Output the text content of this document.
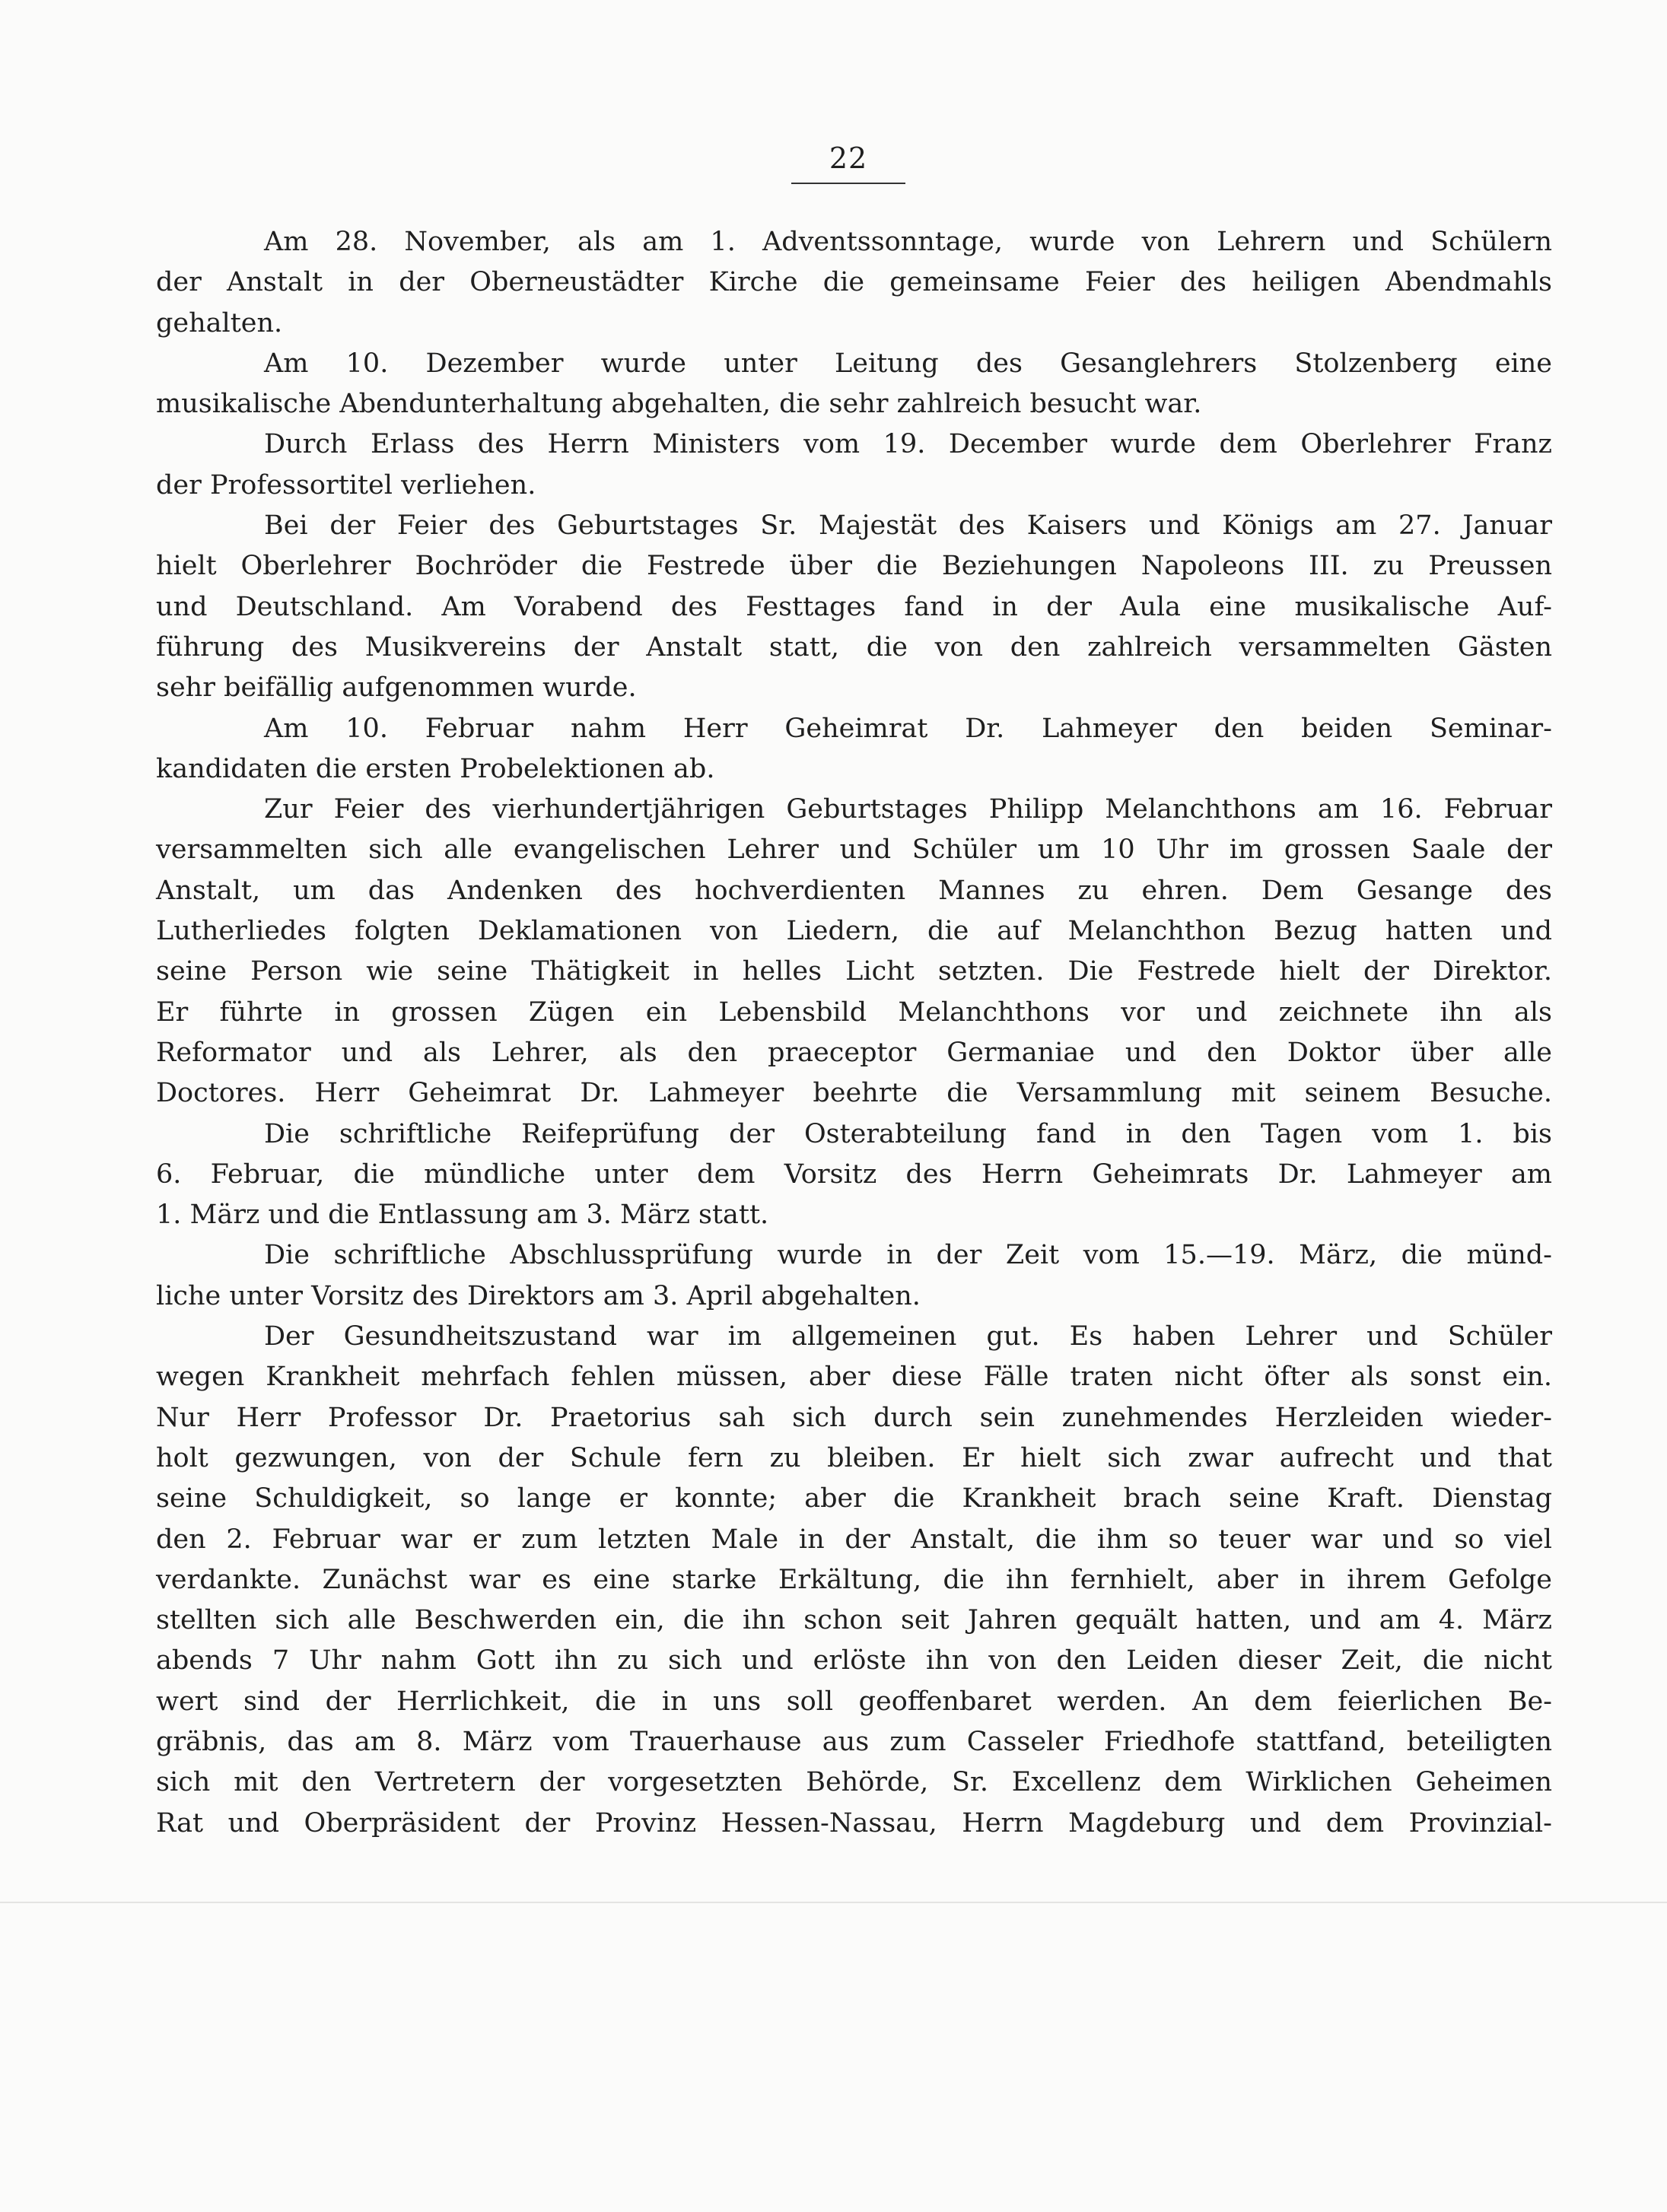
22
Am 28. November, als am 1. Adventssonntage, wurde von Lehrern und Schülern
der Anstalt in der Oberneustädter Kirche die gemeinsame Feier des heiligen Abendmahls
gehalten.
Am 10. Dezember wurde unter Leitung des Gesanglehrers Stolzenberg eine
musikalische Abendunterhaltung abgehalten, die sehr zahlreich besucht war.
Durch Erlass des Herrn Ministers vom 19. December wurde dem Oberlehrer Franz
der Professortitel verliehen.
Bei der Feier des Geburtstages Sr. Majestät des Kaisers und Königs am 27. Januar
hielt Oberlehrer Bochröder die Festrede über die Beziehungen Napoleons III. zu Preussen
und Deutschland. Am Vorabend des Festtages fand in der Aula eine musikalische Auf-
führung des Musikvereins der Anstalt statt, die von den zahlreich versammelten Gästen
sehr beifällig aufgenommen wurde.
Am 10. Februar nahm Herr Geheimrat Dr. Lahmeyer den beiden Seminar-
kandidaten die ersten Probelektionen ab.
Zur Feier des vierhundertjährigen Geburtstages Philipp Melanchthons am 16. Februar
versammelten sich alle evangelischen Lehrer und Schüler um 10 Uhr im grossen Saale der
Anstalt, um das Andenken des hochverdienten Mannes zu ehren. Dem Gesange des
Lutherliedes folgten Deklamationen von Liedern, die auf Melanchthon Bezug hatten und
seine Person wie seine Thätigkeit in helles Licht setzten. Die Festrede hielt der Direktor.
Er führte in grossen Zügen ein Lebensbild Melanchthons vor und zeichnete ihn als
Reformator und als Lehrer, als den praeceptor Germaniae und den Doktor über alle
Doctores. Herr Geheimrat Dr. Lahmeyer beehrte die Versammlung mit seinem Besuche.
Die schriftliche Reifeprüfung der Osterabteilung fand in den Tagen vom 1. bis
6. Februar, die mündliche unter dem Vorsitz des Herrn Geheimrats Dr. Lahmeyer am
1. März und die Entlassung am 3. März statt.
Die schriftliche Abschlussprüfung wurde in der Zeit vom 15.—19. März, die münd-
liche unter Vorsitz des Direktors am 3. April abgehalten.
Der Gesundheitszustand war im allgemeinen gut. Es haben Lehrer und Schüler
wegen Krankheit mehrfach fehlen müssen, aber diese Fälle traten nicht öfter als sonst ein.
Nur Herr Professor Dr. Praetorius sah sich durch sein zunehmendes Herzleiden wieder-
holt gezwungen, von der Schule fern zu bleiben. Er hielt sich zwar aufrecht und that
seine Schuldigkeit, so lange er konnte; aber die Krankheit brach seine Kraft. Dienstag
den 2. Februar war er zum letzten Male in der Anstalt, die ihm so teuer war und so viel
verdankte. Zunächst war es eine starke Erkältung, die ihn fernhielt, aber in ihrem Gefolge
stellten sich alle Beschwerden ein, die ihn schon seit Jahren gequält hatten, und am 4. März
abends 7 Uhr nahm Gott ihn zu sich und erlöste ihn von den Leiden dieser Zeit, die nicht
wert sind der Herrlichkeit, die in uns soll geoffenbaret werden. An dem feierlichen Be-
gräbnis, das am 8. März vom Trauerhause aus zum Casseler Friedhofe stattfand, beteiligten
sich mit den Vertretern der vorgesetzten Behörde, Sr. Excellenz dem Wirklichen Geheimen
Rat und Oberpräsident der Provinz Hessen-Nassau, Herrn Magdeburg und dem Provinzial-
